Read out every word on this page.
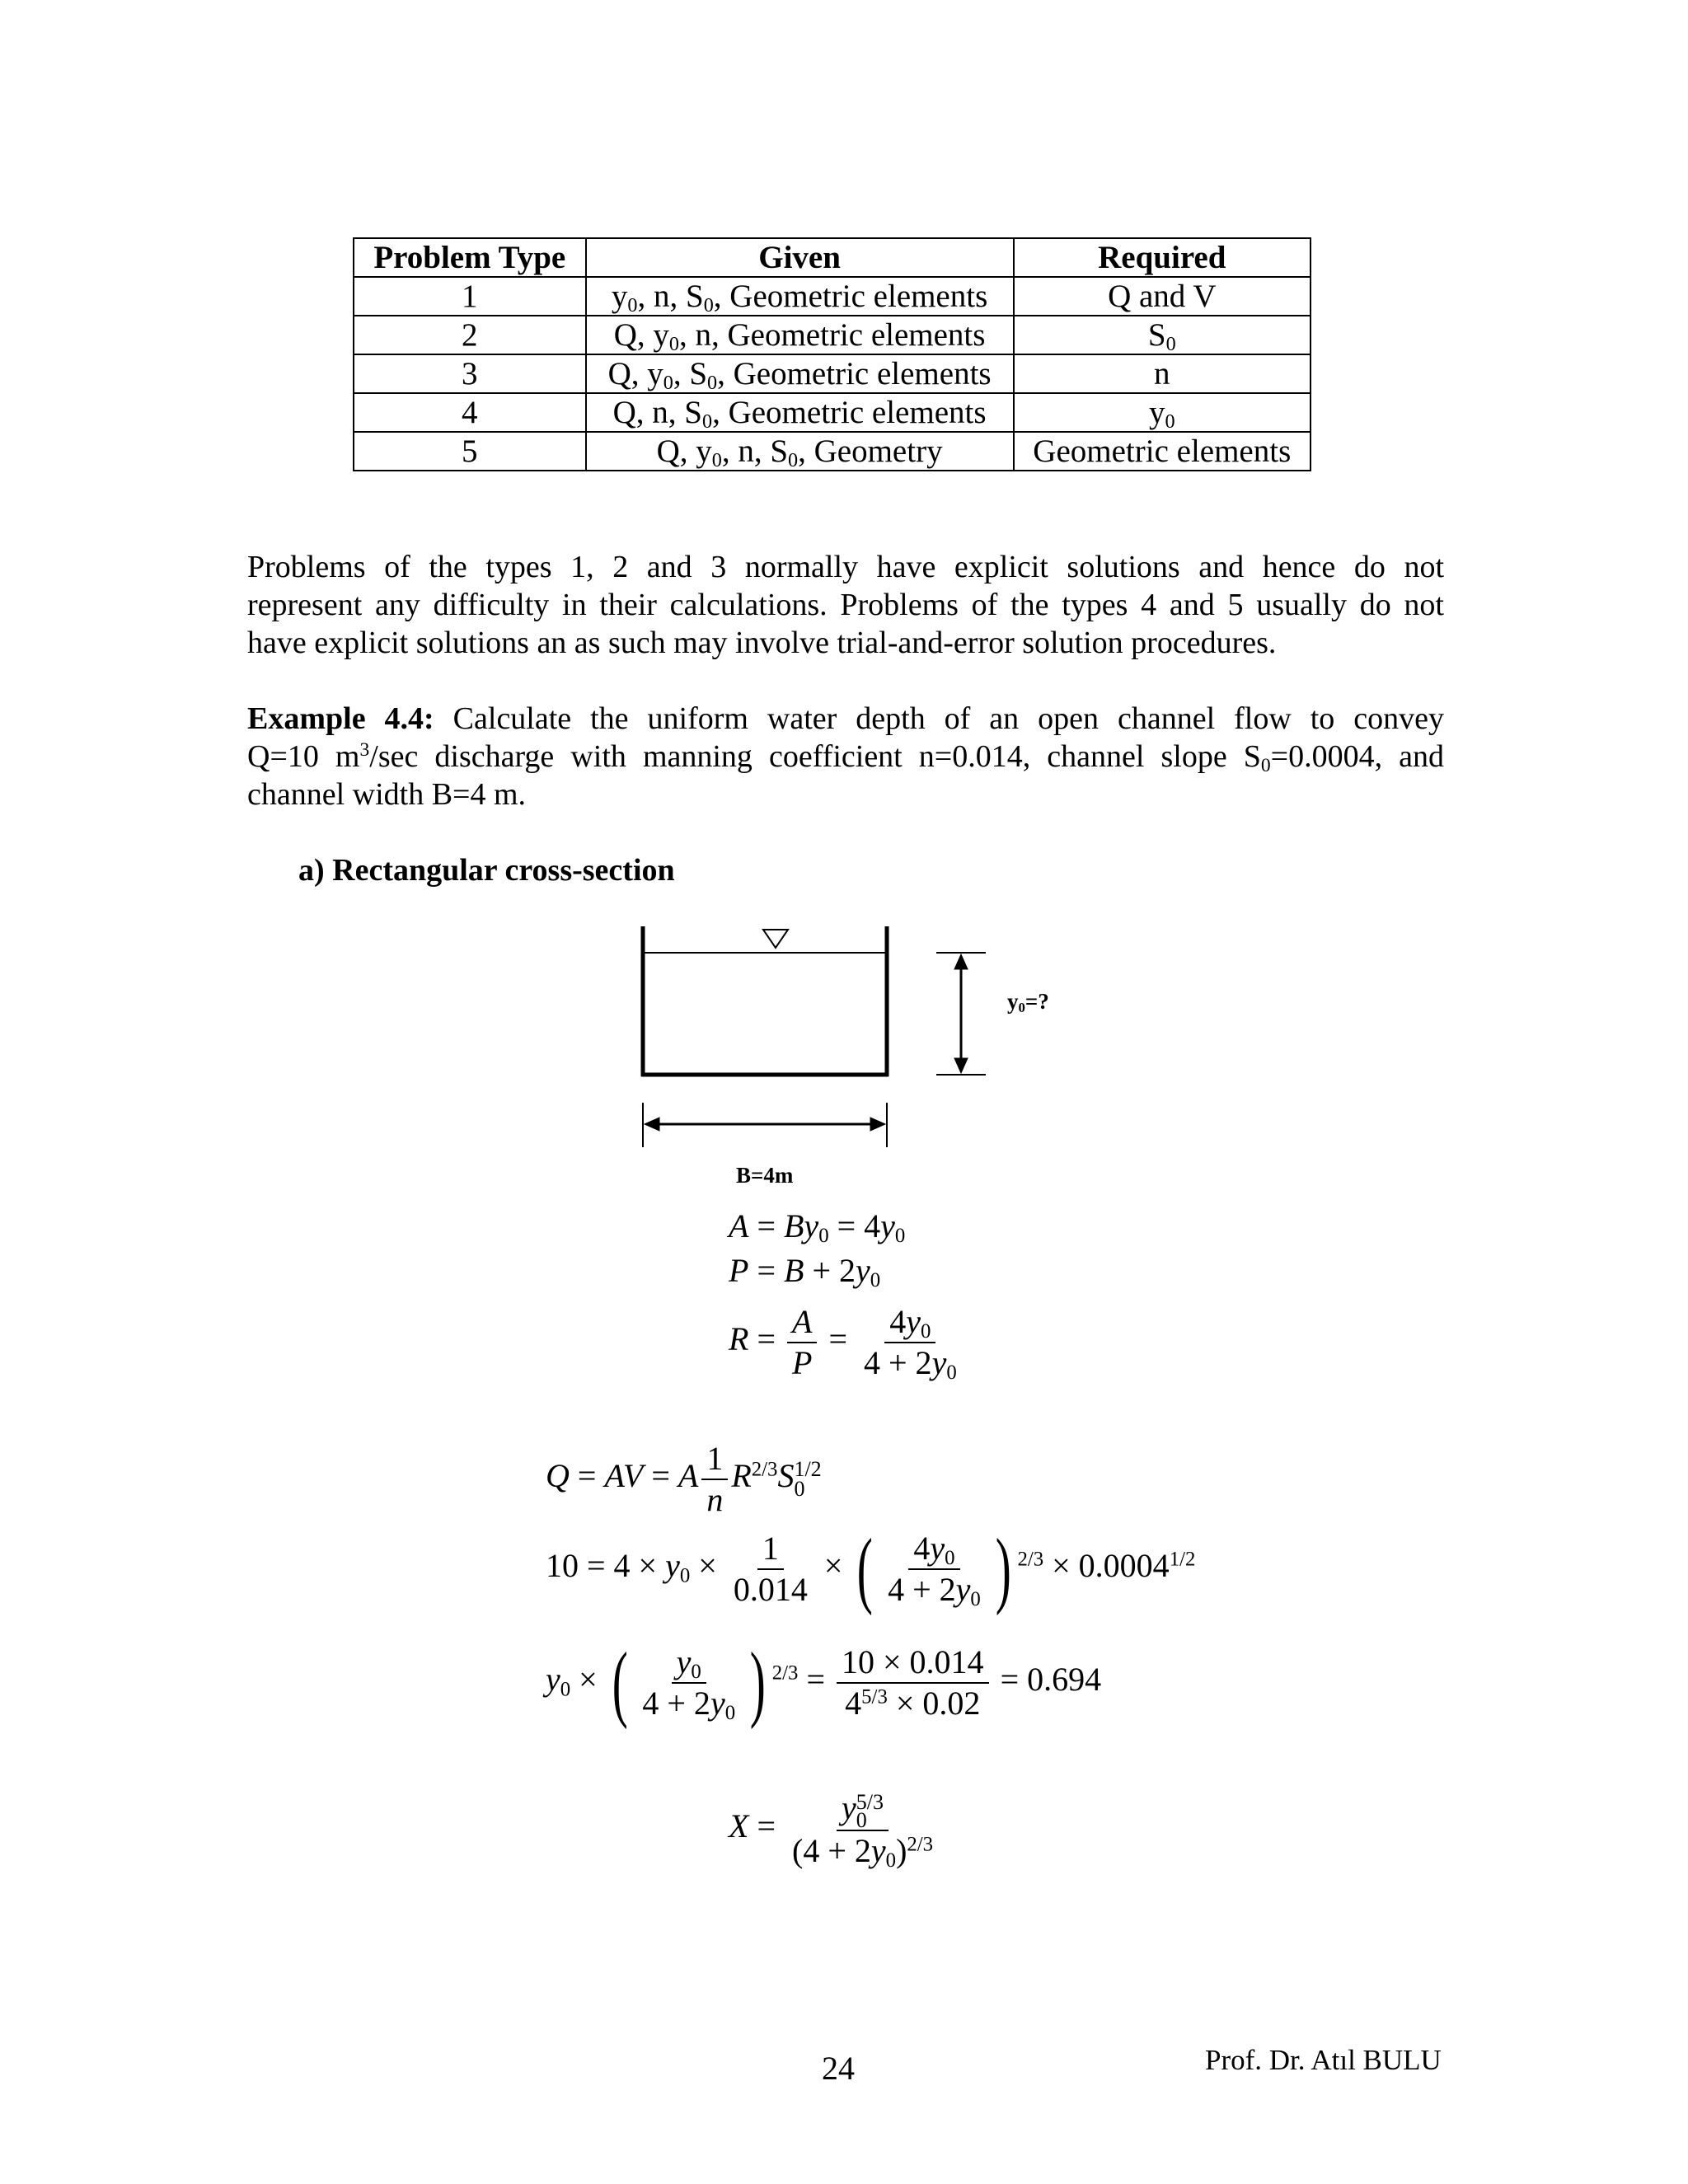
Problem Type	Given	Required
1	$y_0$, n, $S_0$, Geometric elements	Q and V
2	Q, $y_0$, n, Geometric elements	$S_0$
3	Q, $y_0$, $S_0$, Geometric elements	n
4	Q, n, $S_0$, Geometric elements	$y_0$
5	Q, $y_0$, n, $S_0$, Geometry	Geometric elements
Problems of the types 1, 2 and 3 normally have explicit solutions and hence do not
represent any difficulty in their calculations. Problems of the types 4 and 5 usually do not
have explicit solutions an as such may involve trial-and-error solution procedures.
Example 4.4: Calculate the uniform water depth of an open channel flow to convey
Q=10 $m^3/\sec$ discharge with manning coefficient n=0.014, channel slope $S_0=0.0004$, and
channel width B=4 m.
a) Rectangular cross-section
$y_0=$?
B=4m
$A = By_0 = 4y_0$
$P = B + 2y_0$
$R = \frac{A}{P} = \frac{4y_0}{4 + 2y_0}$
Q = AV = A $\frac{1}{n} R^{2/3}S$ 1/2
0
$10 = 4 \times y_0 \times \frac{1}{0.014}$ × ( $\frac{4y_0}{4 + 2y_0}$ ) $^{2/3} \times 0.0004^{1/2}$
$y_0$ × ( $\frac{y_0}{4 + 2y_0}$ ) $^{2/3} = \frac{10 \times 0.014}{4^{5/3} \times 0.02} = 0.694$
X = y 5/3
0
$(4 + 2y_0)^{2/3}$
24	Prof. Dr. Atıl BULU
